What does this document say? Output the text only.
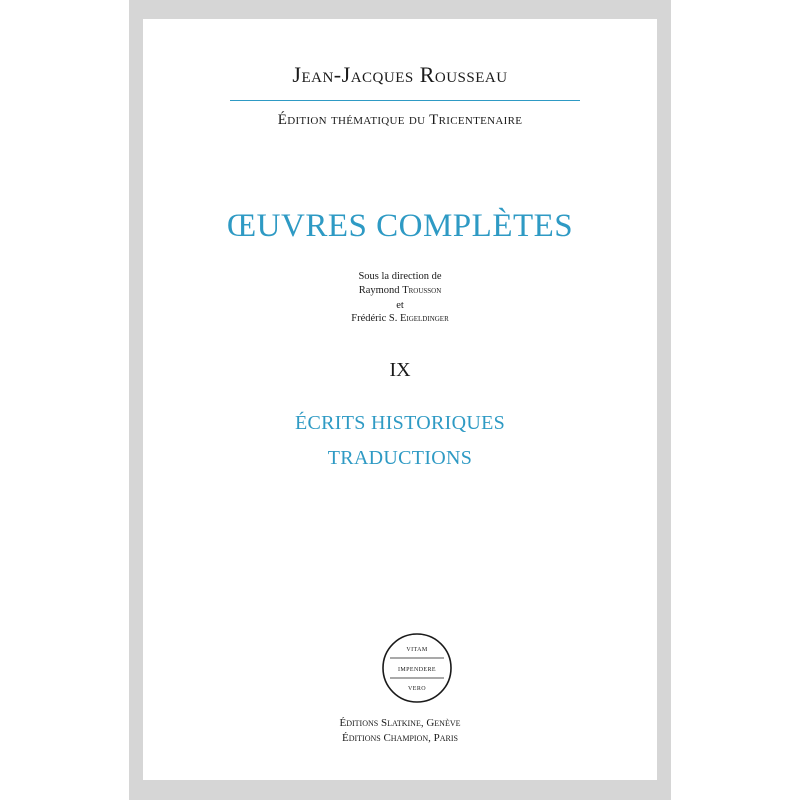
Jean-Jacques Rousseau
Édition thématique du Tricentenaire
ŒUVRES COMPLÈTES
Sous la direction de
Raymond Trousson
et
Frédéric S. Eigeldinger
IX
ÉCRITS HISTORIQUES
TRADUCTIONS
vitam
impendere
vero
Éditions Slatkine, Genève
Éditions Champion, Paris
